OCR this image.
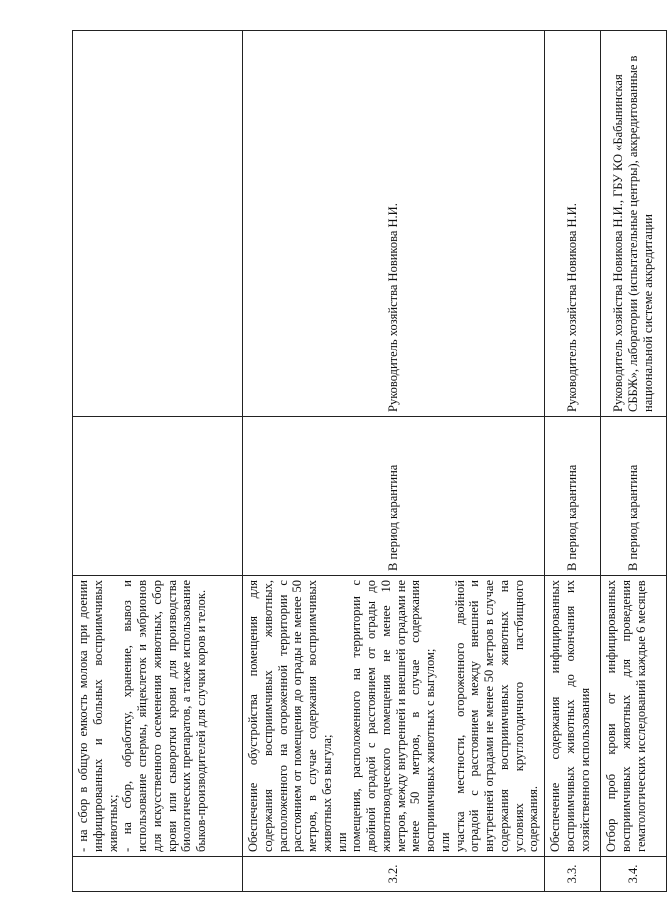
	- на сбор в общую емкость молока при доении инфицированных и больных восприимчивых животных; - на сбор, обработку, хранение, вывоз и использование спермы, яйцеклеток и эмбрионов для искусственного осеменения животных, сбор крови или сыворотки крови для производства биологических препаратов, а также использование быков-производителей для случки коров и телок.		

3.2.	Обеспечение обустройства помещения для содержания восприимчивых животных, расположенного на огороженной территории с расстоянием от помещения до ограды не менее 50 метров, в случае содержания восприимчивых животных без выгула; или помещения, расположенного на территории с двойной оградой с расстоянием от ограды до животноводческого помещения не менее 10 метров, между внутренней и внешней оградами не менее 50 метров, в случае содержания восприимчивых животных с выгулом; или участка местности, огороженного двойной оградой с расстоянием между внешней и внутренней оградами не менее 50 метров в случае содержания восприимчивых животных на условиях круглогодичного пастбищного содержания.	В период карантина	Руководитель хозяйства Новикова Н.И.
3.3.	Обеспечение содержания инфицированных восприимчивых животных до окончания их хозяйственного использования	В период карантина	Руководитель хозяйства Новикова Н.И.
3.4.	Отбор проб крови от инфицированных восприимчивых животных для проведения гематологических исследований каждые 6 месяцев	В период карантина	Руководитель хозяйства Новикова Н.И., ГБУ КО «Бабынинская СББЖ», лаборатории (испытательные центры), аккредитованные в национальной системе аккредитации
